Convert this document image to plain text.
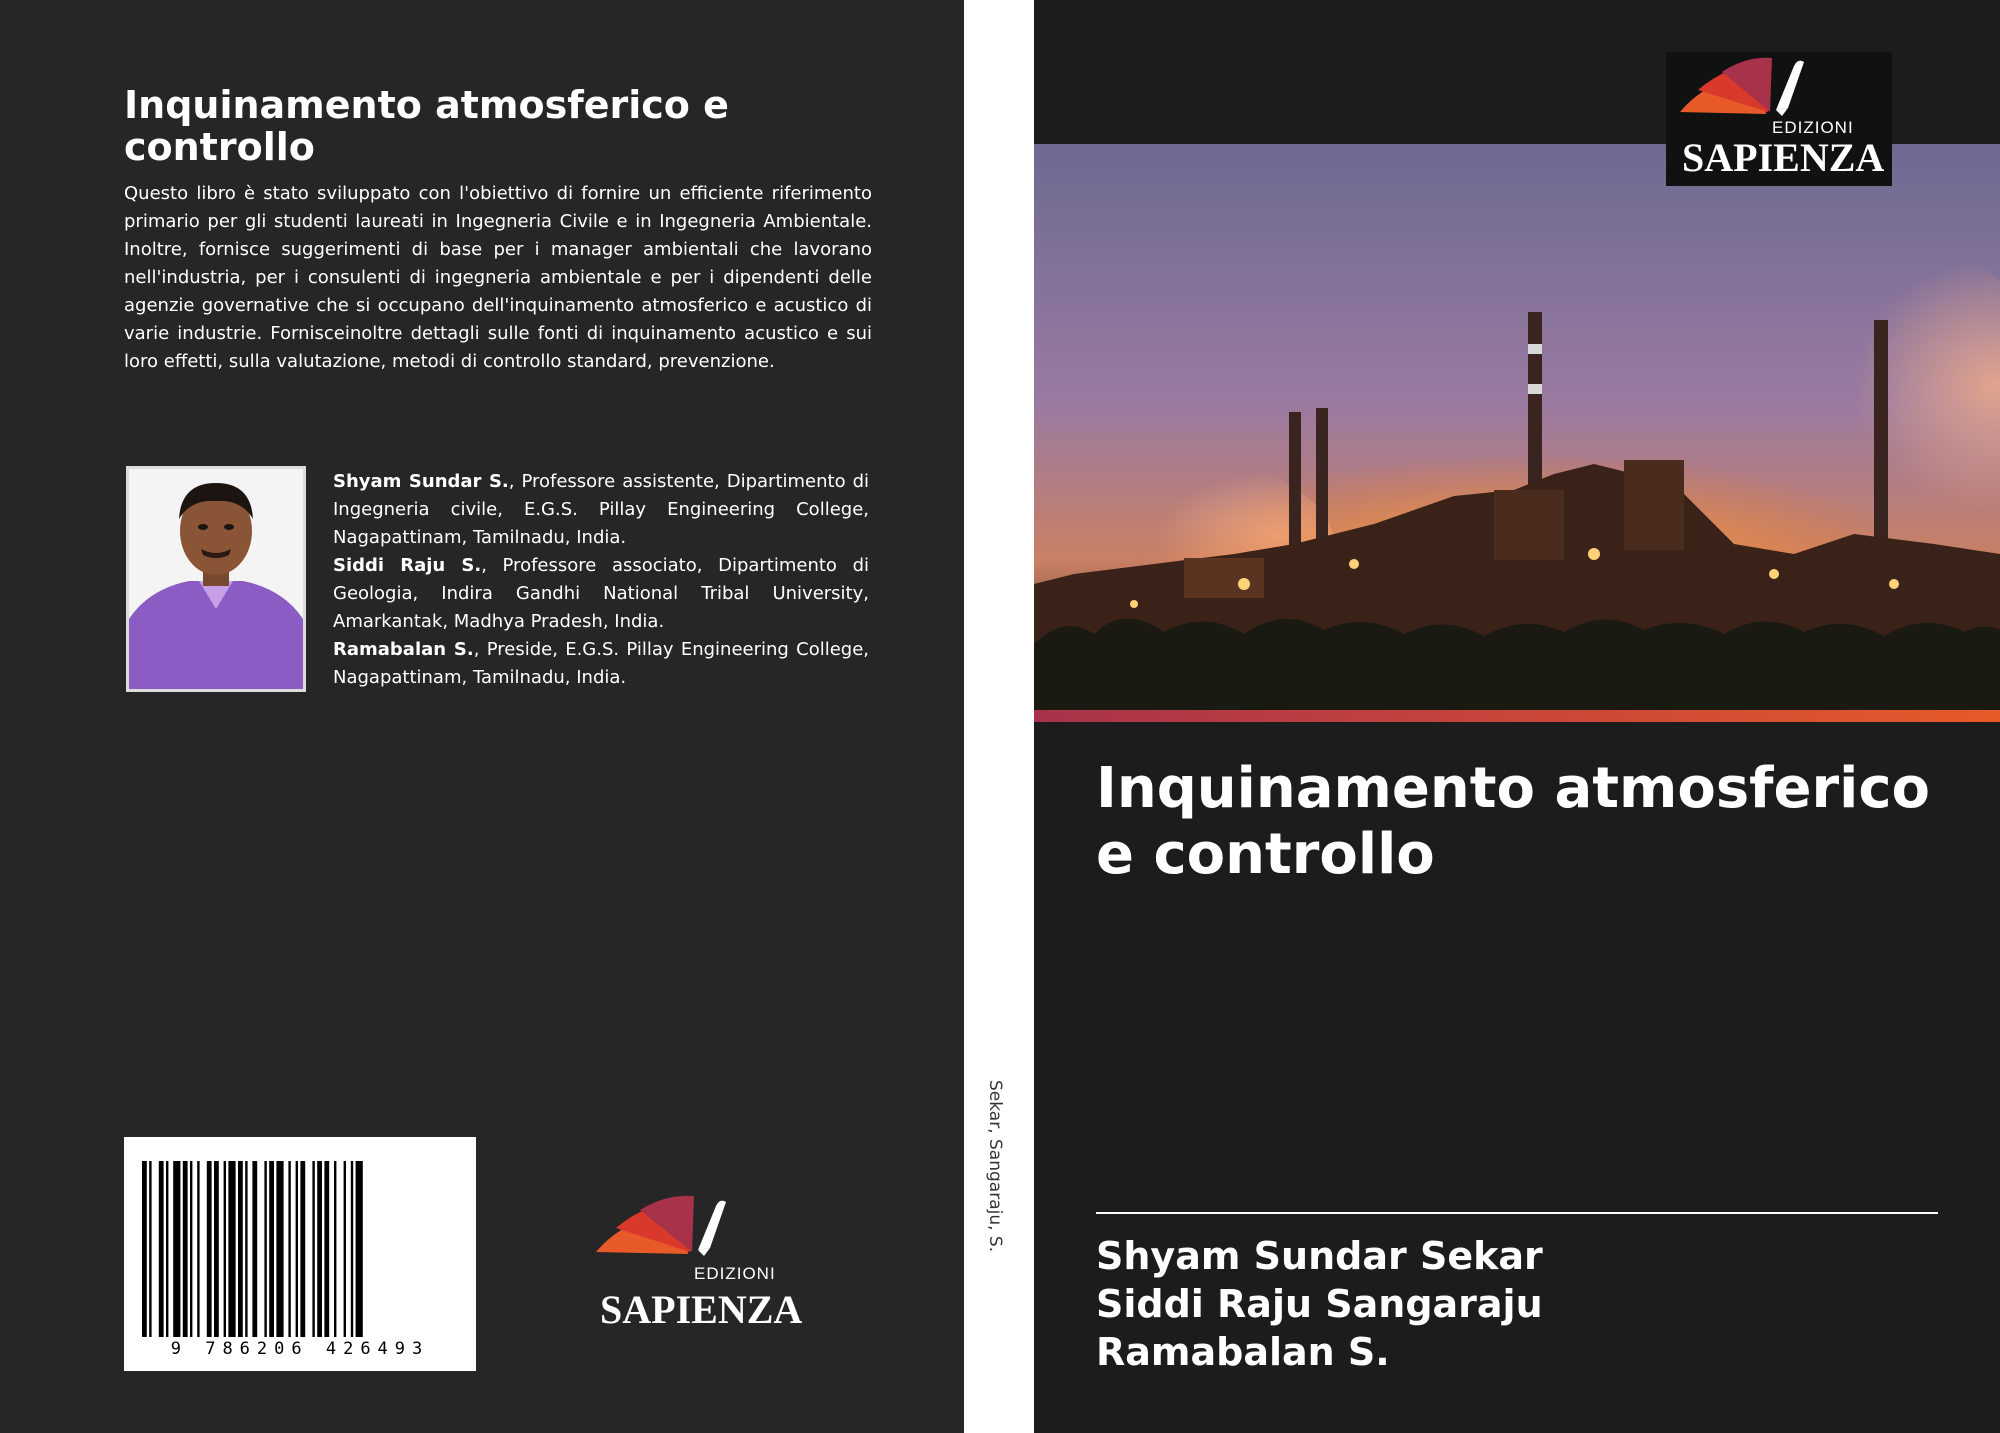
Inquinamento atmosferico e controllo

Questo libro è stato sviluppato con l'obiettivo di fornire un efficiente riferimento primario per gli studenti laureati in Ingegneria Civile e in Ingegneria Ambientale. Inoltre, fornisce suggerimenti di base per i manager ambientali che lavorano nell'industria, per i consulenti di ingegneria ambientale e per i dipendenti delle agenzie governative che si occupano dell'inquinamento atmosferico e acustico di varie industrie. Fornisceinoltre dettagli sulle fonti di inquinamento acustico e sui loro effetti, sulla valutazione, metodi di controllo standard, prevenzione.

Shyam Sundar S., Professore assistente, Dipartimento di Ingegneria civile, E.G.S. Pillay Engineering College, Nagapattinam, Tamilnadu, India.

Siddi Raju S., Professore associato, Dipartimento di Geologia, Indira Gandhi National Tribal University, Amarkantak, Madhya Pradesh, India.

Ramabalan S., Preside, E.G.S. Pillay Engineering College, Nagapattinam, Tamilnadu, India.

9 786206 426493
EDIZIONI
SAPIENZA
Sekar, Sangaraju, S.
EDIZIONI
SAPIENZA
Inquinamento atmosferico e controllo
Shyam Sundar Sekar
Siddi Raju Sangaraju
Ramabalan S.
